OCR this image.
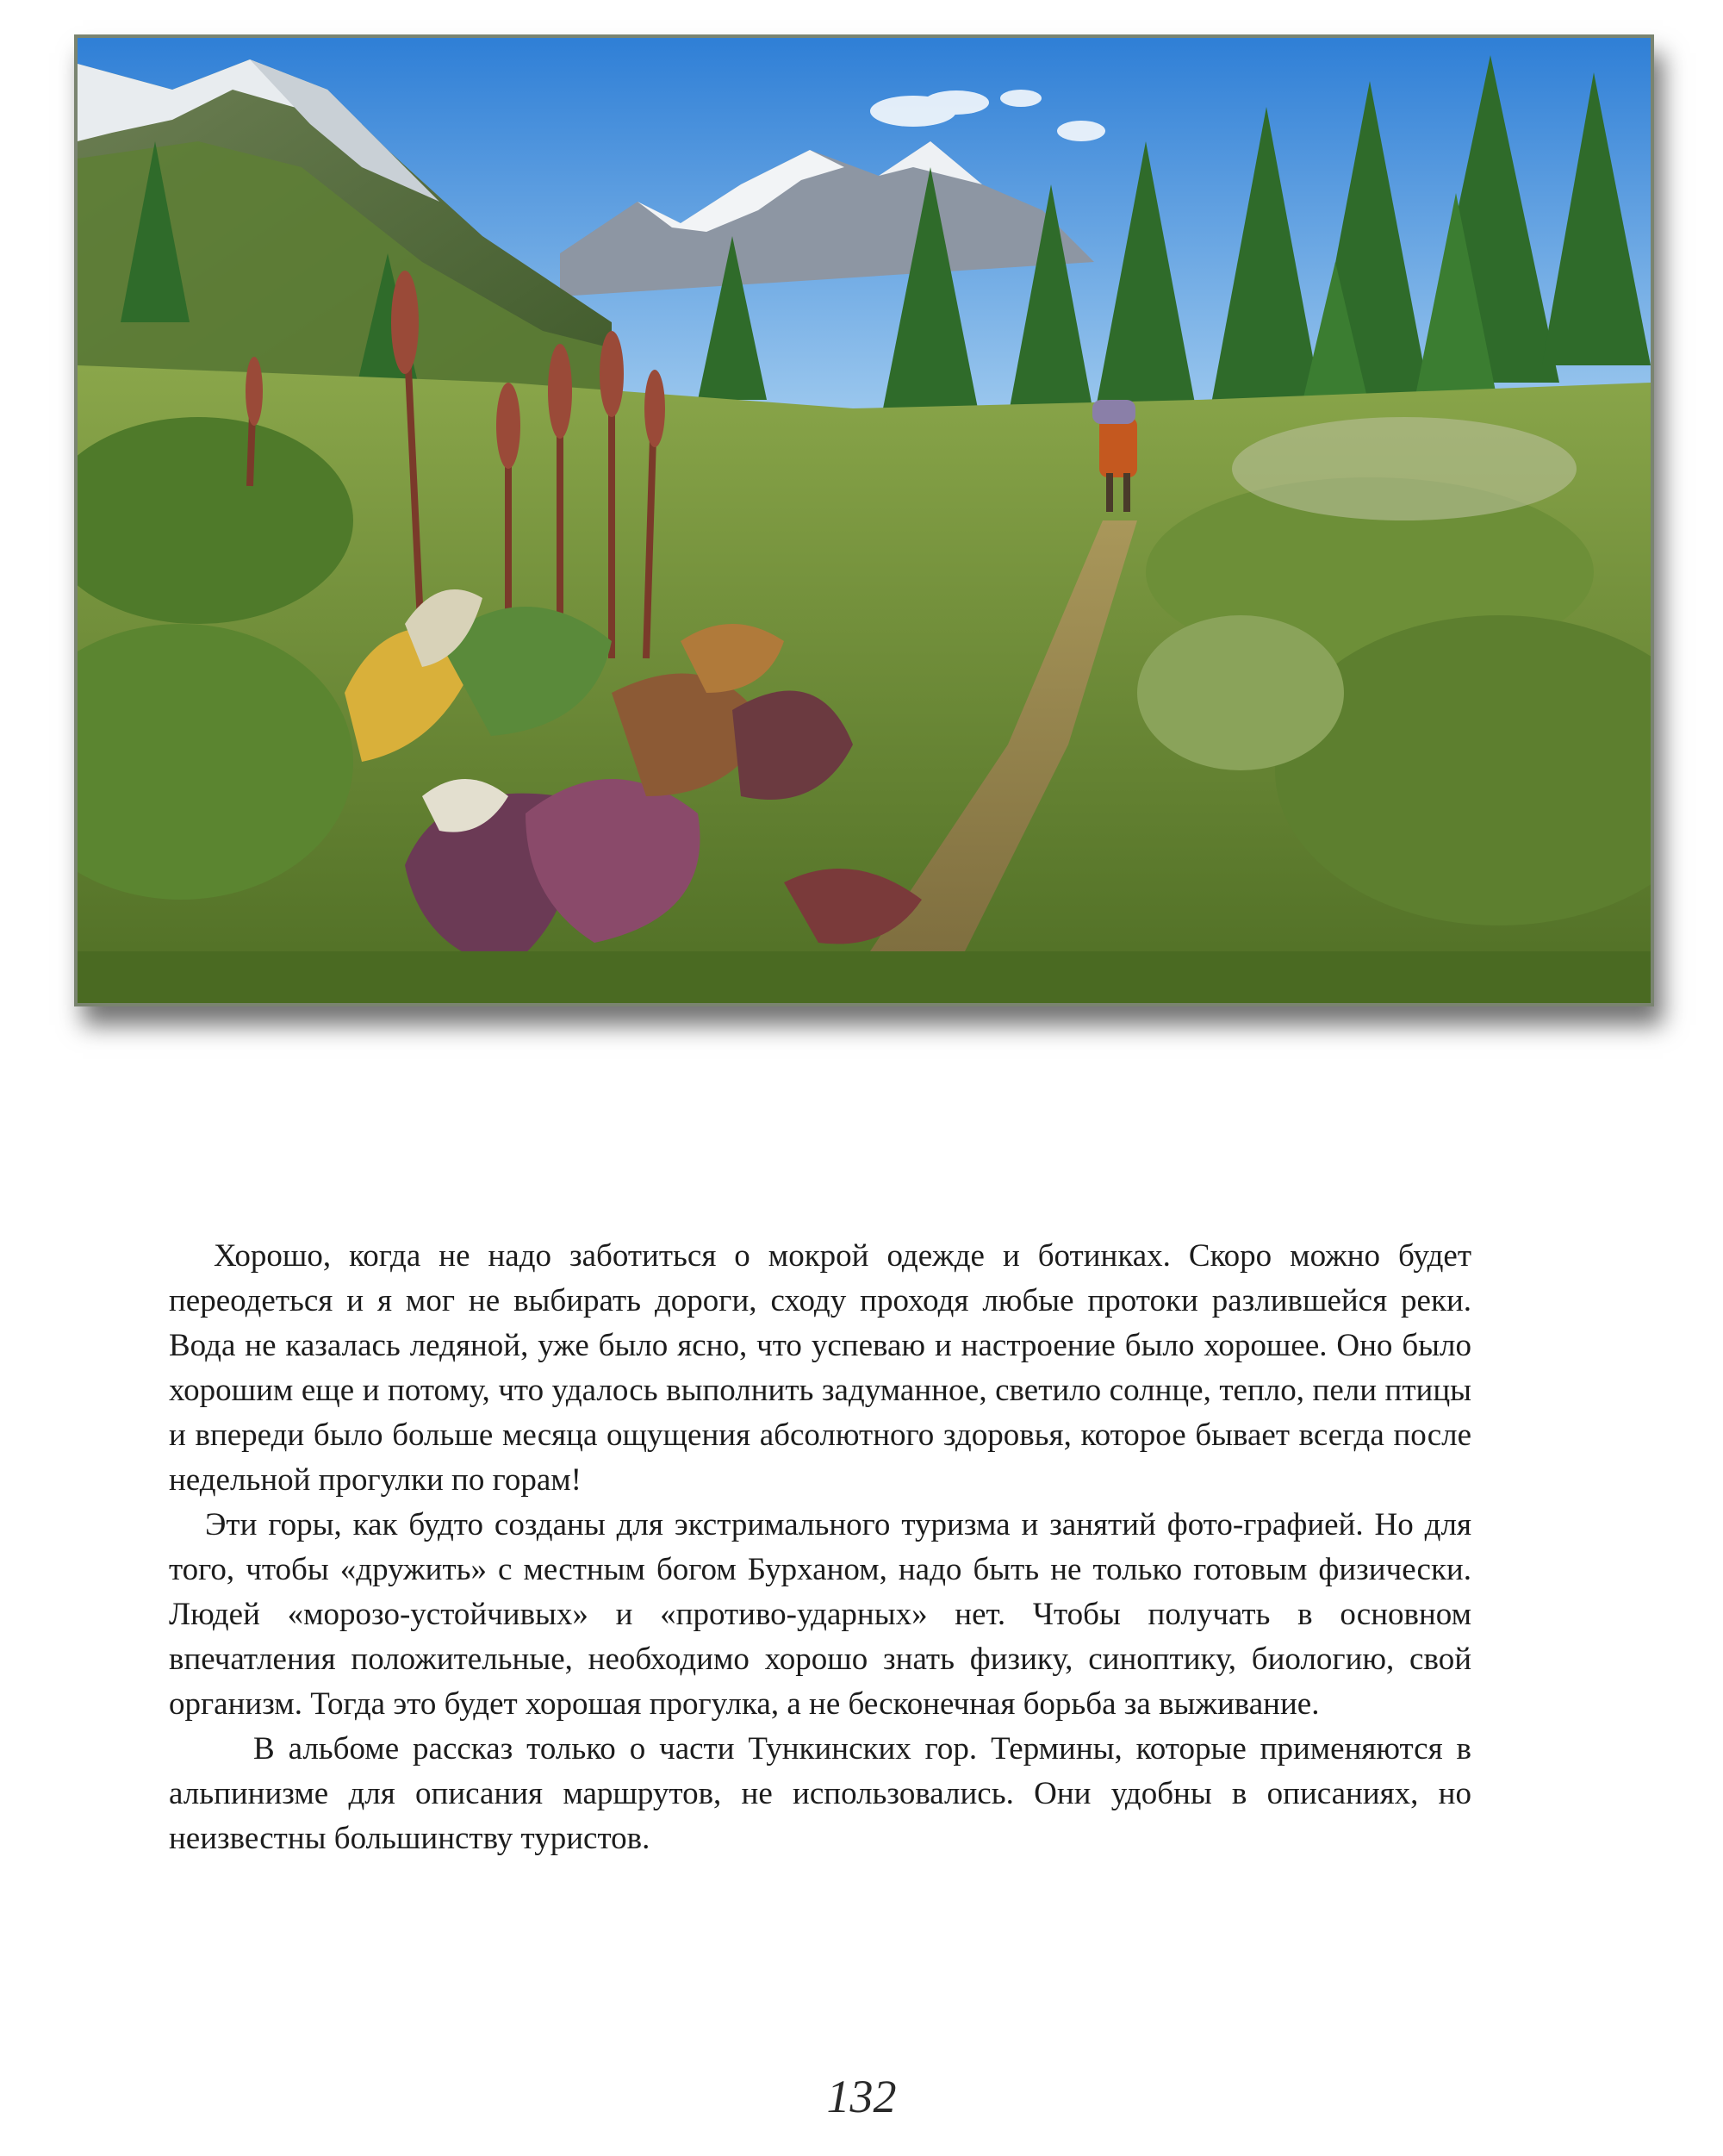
Хорошо, когда не надо заботиться о мокрой одежде и ботинках. Скоро можно будет переодеться и я мог не выбирать дороги, сходу проходя любые протоки разлившейся реки. Вода не казалась ледяной, уже было ясно, что успеваю и настроение было хорошее. Оно было хорошим еще и потому, что удалось выполнить задуманное, светило солнце, тепло, пели птицы и впереди было больше месяца ощущения абсолютного здоровья, которое бывает всегда после недельной прогулки по горам!

Эти горы, как будто созданы для экстримального туризма и занятий фото-графией. Но для того, чтобы «дружить» с местным богом Бурханом, надо быть не только готовым физически. Людей «морозо-устойчивых» и «противо-ударных» нет. Чтобы получать в основном впечатления положительные, необходимо хорошо знать физику, синоптику, биологию, свой организм. Тогда это будет хорошая прогулка, а не бесконечная борьба за выживание.

В альбоме рассказ только о части Тункинских гор. Термины, которые применяются в альпинизме для описания маршрутов, не использовались. Они удобны в описаниях, но неизвестны большинству туристов.

132
